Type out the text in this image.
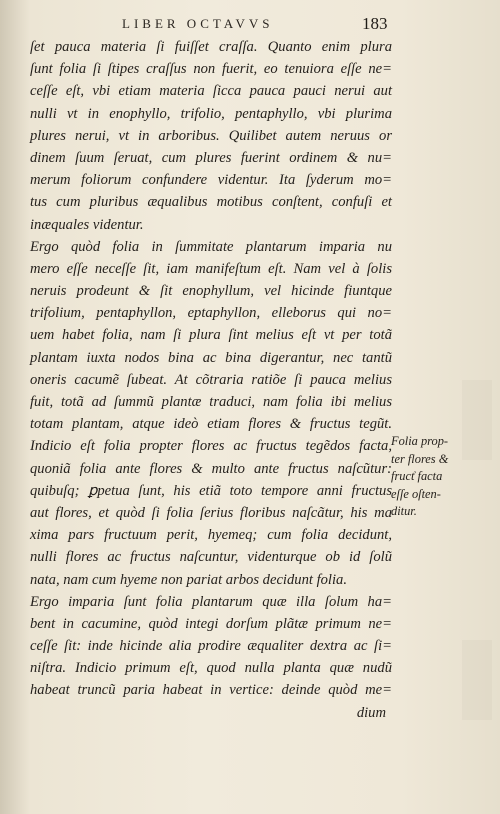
LIBER OCTAVVS	183
ſet pauca materia ſi fuiſſet craſſa. Quanto enim plura
ſunt folia ſi ſtipes craſſus non fuerit, eo tenuiora eſſe ne=
ceſſe eſt, vbi etiam materia ſicca pauca pauci nerui aut
nulli vt in enophyllo, trifolio, pentaphyllo, vbi plurima
plures nerui, vt in arboribus. Quilibet autem neruus or
dinem ſuum ſeruat, cum plures fuerint ordinem & nu=
merum foliorum confundere videntur. Ita ſyderum mo=
tus cum pluribus æqualibus motibus conſtent, confuſi et
inæquales videntur.
Ergo quòd folia in ſummitate plantarum imparia nu
mero eſſe neceſſe ſit, iam manifeſtum eſt. Nam vel à ſolis
neruis prodeunt & ſit enophyllum, vel hicinde fiuntque
trifolium, pentaphyllon, eptaphyllon, elleborus qui no=
uem habet folia, nam ſi plura ſint melius eſt vt per totã
plantam iuxta nodos bina ac bina digerantur, nec tantũ
oneris cacumẽ ſubeat. At cõtraria ratiõe ſi pauca melius
fuit, totã ad ſummũ plantæ traduci, nam folia ibi melius
totam plantam, atque ideò etiam flores & fructus tegũt.
Indicio eſt folia propter flores ac fructus tegẽdos facta,
quoniã folia ante flores & multo ante fructus naſcũtur:
quibuſq; ꝑpetua ſunt, his etiã toto tempore anni fructus
aut flores, et quòd ſi folia ſerius floribus naſcãtur, his ma
xima pars fructuum perit, hyemeq; cum folia decidunt,
nulli flores ac fructus naſcuntur, videnturque ob id ſolũ
nata, nam cum hyeme non pariat arbos decidunt folia.
Ergo imparia ſunt folia plantarum quæ illa ſolum ha=
bent in cacumine, quòd integi dorſum plãtæ primum ne=
ceſſe ſit: inde hicinde alia prodire æqualiter dextra ac ſi=
niſtra. Indicio primum eſt, quod nulla planta quæ nudũ
habeat truncũ paria habeat in vertice: deinde quòd me=
dium
Folia prop-
ter flores &
fruct͗ facta
eſſe oſten-
ditur.
